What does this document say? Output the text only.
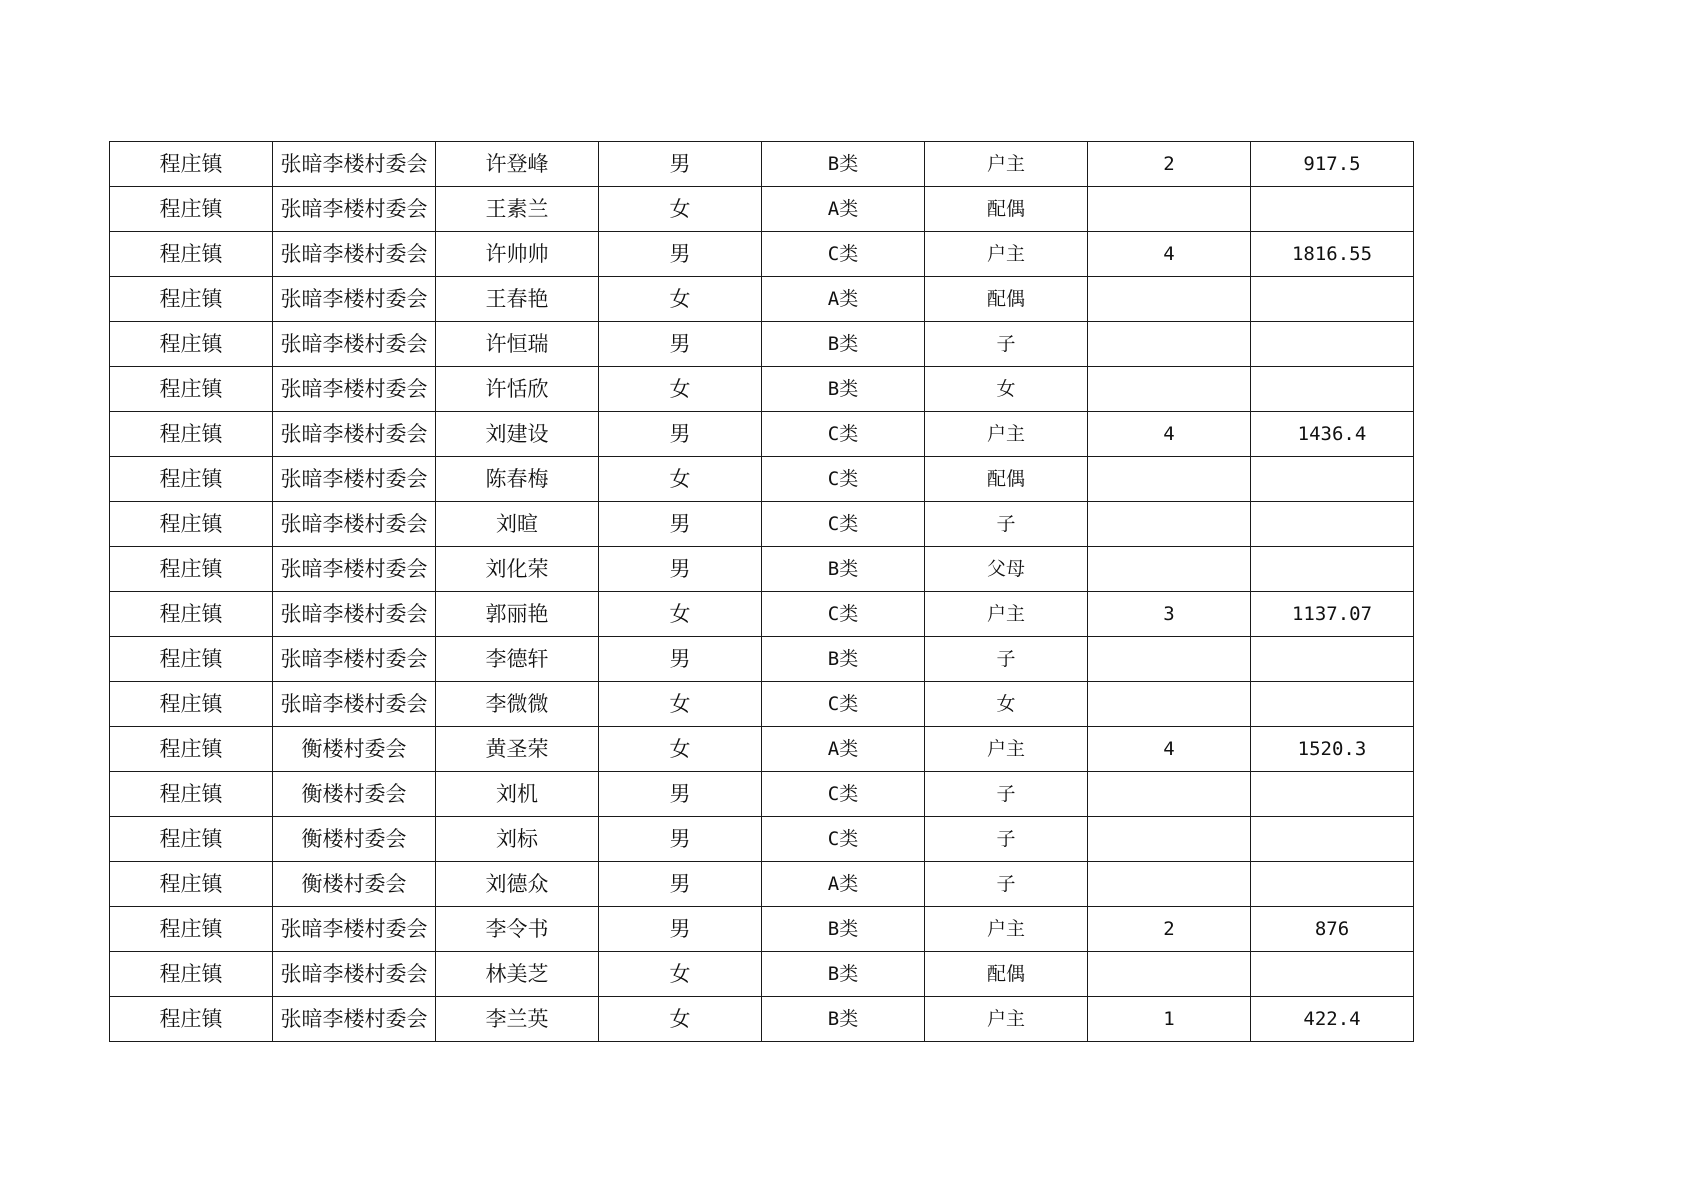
程庄镇	张暗李楼村委会	许登峰	男	B类	户主	2	917.5
程庄镇	张暗李楼村委会	王素兰	女	A类	配偶		
程庄镇	张暗李楼村委会	许帅帅	男	C类	户主	4	1816.55
程庄镇	张暗李楼村委会	王春艳	女	A类	配偶		
程庄镇	张暗李楼村委会	许恒瑞	男	B类	子		
程庄镇	张暗李楼村委会	许恬欣	女	B类	女		
程庄镇	张暗李楼村委会	刘建设	男	C类	户主	4	1436.4
程庄镇	张暗李楼村委会	陈春梅	女	C类	配偶		
程庄镇	张暗李楼村委会	刘暄	男	C类	子		
程庄镇	张暗李楼村委会	刘化荣	男	B类	父母		
程庄镇	张暗李楼村委会	郭丽艳	女	C类	户主	3	1137.07
程庄镇	张暗李楼村委会	李德轩	男	B类	子		
程庄镇	张暗李楼村委会	李微微	女	C类	女		
程庄镇	衡楼村委会	黄圣荣	女	A类	户主	4	1520.3
程庄镇	衡楼村委会	刘机	男	C类	子		
程庄镇	衡楼村委会	刘标	男	C类	子		
程庄镇	衡楼村委会	刘德众	男	A类	子		
程庄镇	张暗李楼村委会	李令书	男	B类	户主	2	876
程庄镇	张暗李楼村委会	林美芝	女	B类	配偶		
程庄镇	张暗李楼村委会	李兰英	女	B类	户主	1	422.4
